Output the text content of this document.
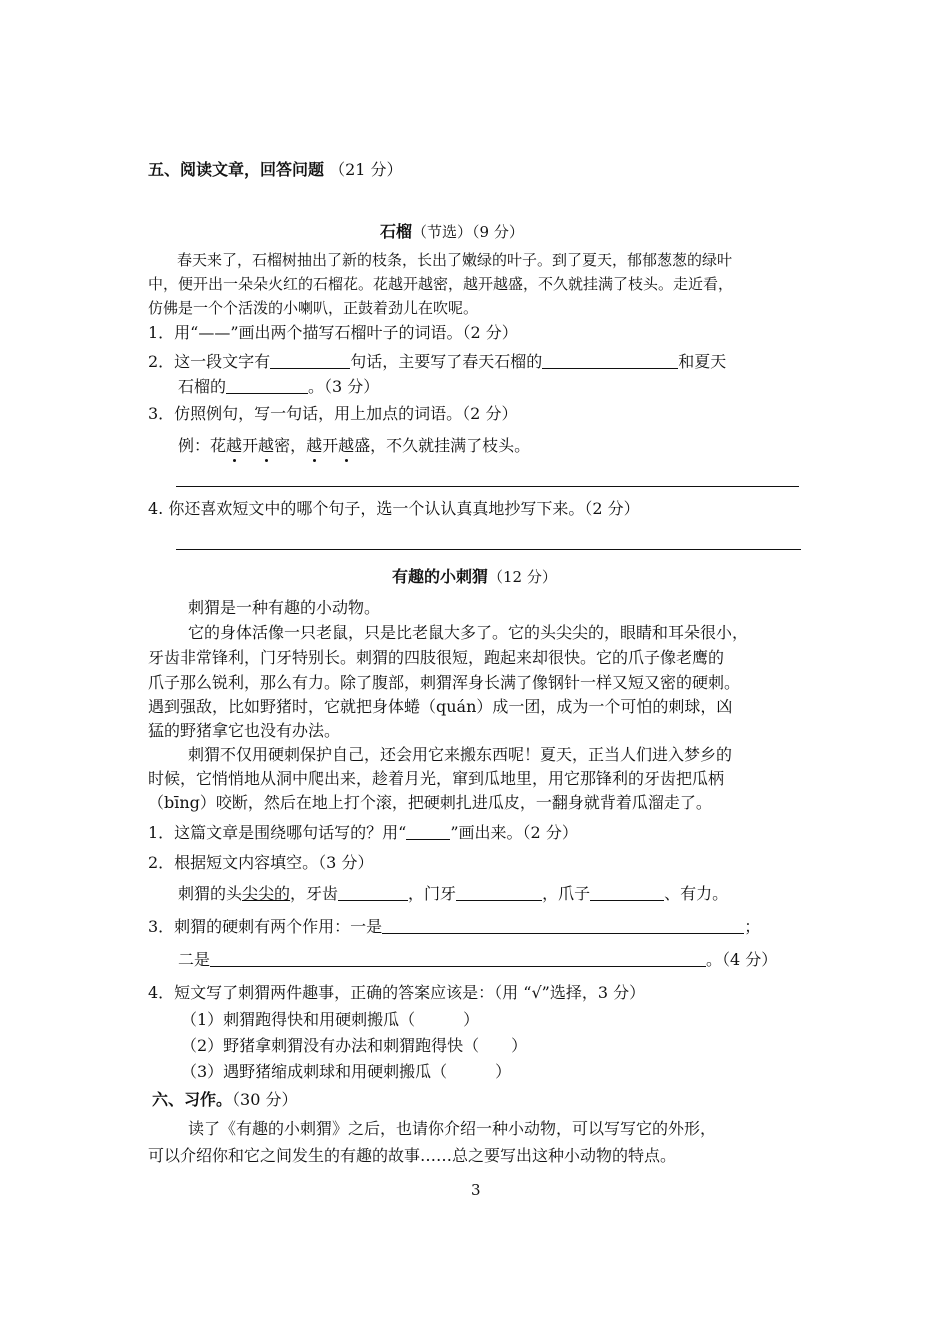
五、阅读文章，回答问题 （21 分）
石榴（节选）（9 分）
春天来了，石榴树抽出了新的枝条，长出了嫩绿的叶子。到了夏天，郁郁葱葱的绿叶
中，便开出一朵朵火红的石榴花。花越开越密，越开越盛，不久就挂满了枝头。走近看，
仿佛是一个个活泼的小喇叭，正鼓着劲儿在吹呢。
1．用“——”画出两个描写石榴叶子的词语。（2 分）
2．这一段文字有	句话，主要写了春天石榴的	和夏天
石榴的	。（3 分）
3．仿照例句，写一句话，用上加点的词语。（2 分）
例：花越开越密，越开越盛，不久就挂满了枝头。
4. 你还喜欢短文中的哪个句子，选一个认认真真地抄写下来。（2 分）
有趣的小刺猬（12 分）
刺猬是一种有趣的小动物。
它的身体活像一只老鼠，只是比老鼠大多了。它的头尖尖的，眼睛和耳朵很小，
牙齿非常锋利，门牙特别长。刺猬的四肢很短，跑起来却很快。它的爪子像老鹰的
爪子那么锐利，那么有力。除了腹部，刺猬浑身长满了像钢针一样又短又密的硬刺。
遇到强敌，比如野猪时，它就把身体蜷（quán）成一团，成为一个可怕的刺球，凶
猛的野猪拿它也没有办法。
刺猬不仅用硬刺保护自己，还会用它来搬东西呢！夏天，正当人们进入梦乡的
时候，它悄悄地从洞中爬出来，趁着月光，窜到瓜地里，用它那锋利的牙齿把瓜柄
（bīng）咬断，然后在地上打个滚，把硬刺扎进瓜皮，一翻身就背着瓜溜走了。
1．这篇文章是围绕哪句话写的？用“	”画出来。（2 分）
2．根据短文内容填空。（3 分）
刺猬的头尖尖的，牙齿	，门牙	，爪子	、有力。
3．刺猬的硬刺有两个作用：一是	；
二是	。（4 分）
4．短文写了刺猬两件趣事，正确的答案应该是：（用 “√”选择，3 分）
（1）刺猬跑得快和用硬刺搬瓜（　　　）
（2）野猪拿刺猬没有办法和刺猬跑得快（　　）
（3）遇野猪缩成刺球和用硬刺搬瓜（　　　）
六、习作。（30 分）
读了《有趣的小刺猬》之后，也请你介绍一种小动物，可以写写它的外形，
可以介绍你和它之间发生的有趣的故事……总之要写出这种小动物的特点。
3
